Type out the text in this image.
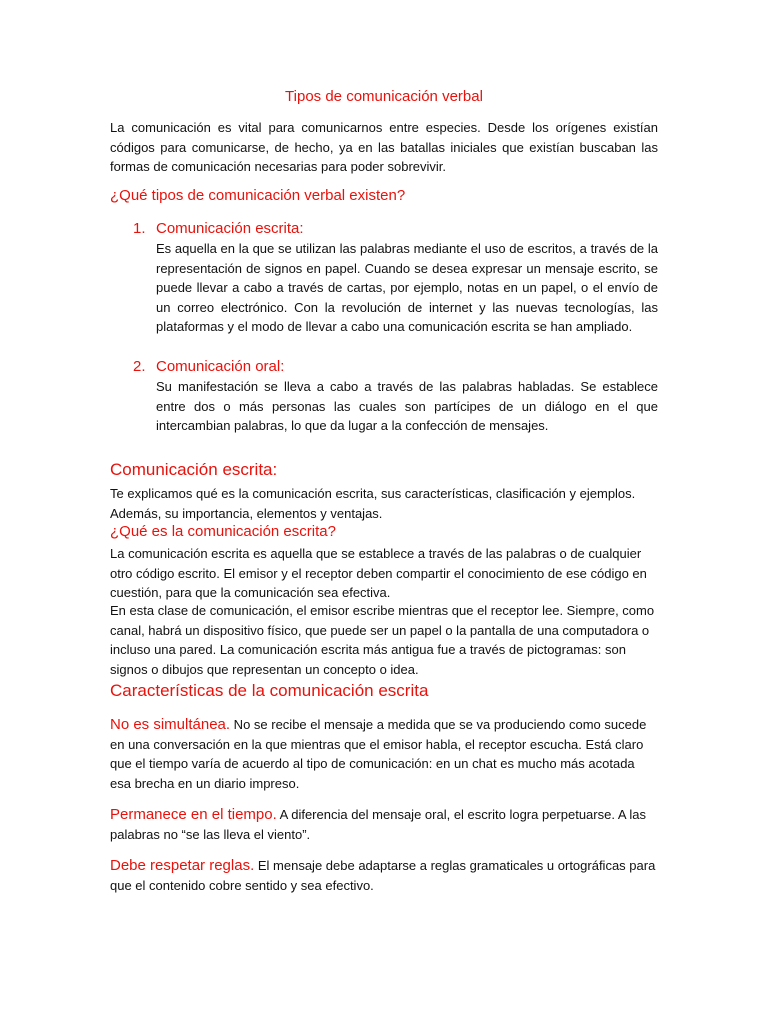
Tipos de comunicación verbal
La comunicación es vital para comunicarnos entre especies. Desde los orígenes existían códigos para comunicarse, de hecho, ya en las batallas iniciales que existían buscaban las formas de comunicación necesarias para poder sobrevivir.
¿Qué tipos de comunicación verbal existen?
1. Comunicación escrita:
Es aquella en la que se utilizan las palabras mediante el uso de escritos, a través de la representación de signos en papel. Cuando se desea expresar un mensaje escrito, se puede llevar a cabo a través de cartas, por ejemplo, notas en un papel, o el envío de un correo electrónico. Con la revolución de internet y las nuevas tecnologías, las plataformas y el modo de llevar a cabo una comunicación escrita se han ampliado.
2. Comunicación oral:
Su manifestación se lleva a cabo a través de las palabras habladas. Se establece entre dos o más personas las cuales son partícipes de un diálogo en el que intercambian palabras, lo que da lugar a la confección de mensajes.
Comunicación escrita:
Te explicamos qué es la comunicación escrita, sus características, clasificación y ejemplos. Además, su importancia, elementos y ventajas.
¿Qué es la comunicación escrita?
La comunicación escrita es aquella que se establece a través de las palabras o de cualquier otro código escrito. El emisor y el receptor deben compartir el conocimiento de ese código en cuestión, para que la comunicación sea efectiva.
En esta clase de comunicación, el emisor escribe mientras que el receptor lee. Siempre, como canal, habrá un dispositivo físico, que puede ser un papel o la pantalla de una computadora o incluso una pared. La comunicación escrita más antigua fue a través de pictogramas: son signos o dibujos que representan un concepto o idea.
Características de la comunicación escrita
No es simultánea. No se recibe el mensaje a medida que se va produciendo como sucede en una conversación en la que mientras que el emisor habla, el receptor escucha. Está claro que el tiempo varía de acuerdo al tipo de comunicación: en un chat es mucho más acotada esa brecha en un diario impreso.
Permanece en el tiempo. A diferencia del mensaje oral, el escrito logra perpetuarse. A las palabras no “se las lleva el viento”.
Debe respetar reglas. El mensaje debe adaptarse a reglas gramaticales u ortográficas para que el contenido cobre sentido y sea efectivo.
